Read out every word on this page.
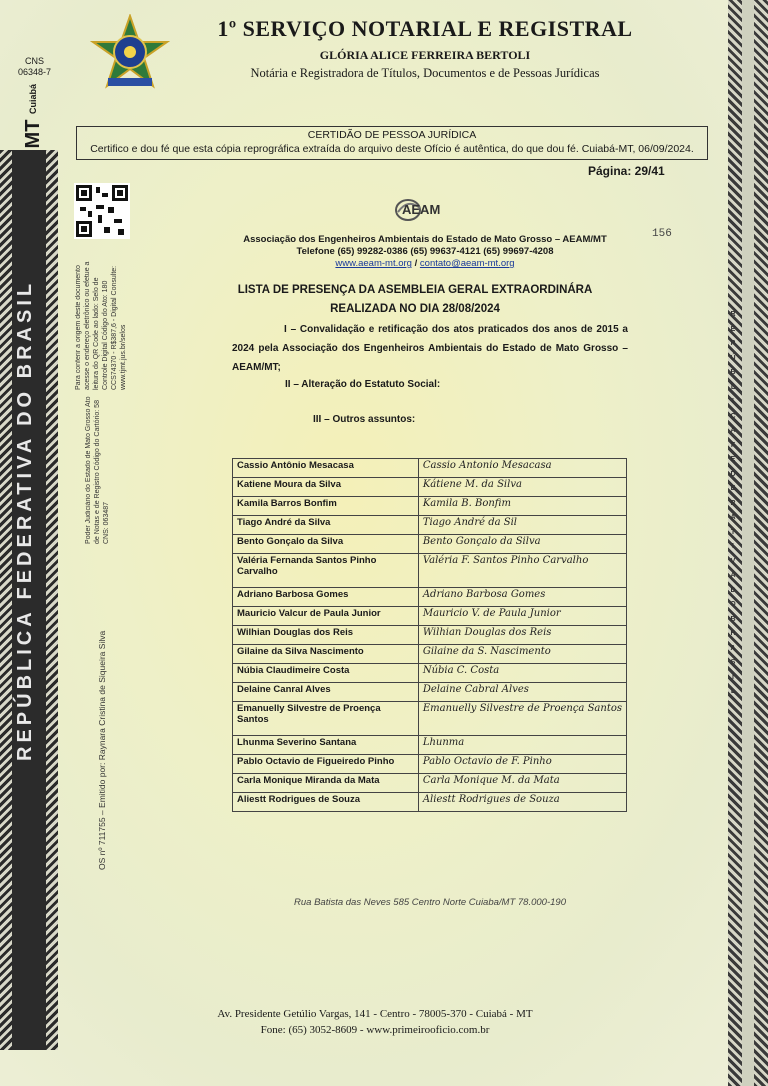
REPÚBLICA FEDERATIVA DO BRASIL	R
E
P
Ú
B
L
I
C
A
F
E
D
E
R
A
T
I
V
A
D
O
B
R
A
S
I
L
CNS
06348-7
MT Cuiabá
1º SERVIÇO NOTARIAL E REGISTRAL
GLÓRIA ALICE FERREIRA BERTOLI
Notária e Registradora de Títulos, Documentos e de Pessoas Jurídicas
CERTIDÃO DE PESSOA JURÍDICA
Certifico e dou fé que esta cópia reprográfica extraída do arquivo deste Ofício é autêntica, do que dou fé. Cuiabá-MT, 06/09/2024.
Página: 29/41
Para conferir a origem deste documento acesse o endereço eletrônico ou efetue a leitura do QR Code ao lado: Selo de Controle Digital Código do Ato: 180 CCS74370 - R$387,6 - Digital Consulte: www.tjmt.jus.br/selos
Poder Judiciário do Estado de Mato Grosso Ato de Notas e de Registro Código do Cartório: 58 CNS: 063487
OS nº 711755 – Emitido por: Raynara Cristina de Siqueira Silva
AEAM
156
Associação dos Engenheiros Ambientais do Estado de Mato Grosso – AEAM/MT
Telefone (65) 99282-0386 (65) 99637-4121 (65) 99697-4208
www.aeam-mt.org / contato@aeam-mt.org
LISTA DE PRESENÇA DA ASEMBLEIA GERAL EXTRAORDINÁRA
REALIZADA NO DIA 28/08/2024
I – Convalidação e retificação dos atos praticados dos anos de 2015 a 2024 pela Associação dos Engenheiros Ambientais do Estado de Mato Grosso – AEAM/MT;
II – Alteração do Estatuto Social:
III – Outros assuntos:
Cassio Antônio Mesacasa	Cassio Antonio Mesacasa
Katiene Moura da Silva	Kátiene M. da Silva
Kamila Barros Bonfim	Kamila B. Bonfim
Tiago André da Silva	Tiago André da Sil
Bento Gonçalo da Silva	Bento Gonçalo da Silva
Valéria Fernanda Santos Pinho Carvalho	Valéria F. Santos Pinho Carvalho
Adriano Barbosa Gomes	Adriano Barbosa Gomes
Mauricio Valcur de Paula Junior	Mauricio V. de Paula Junior
Wilhian Douglas dos Reis	Wilhian Douglas dos Reis
Gilaine da Silva Nascimento	Gilaine da S. Nascimento
Núbia Claudimeire Costa	Núbia C. Costa
Delaine Canral Alves	Delaine Cabral Alves
Emanuelly Silvestre de Proença Santos	Emanuelly Silvestre de Proença Santos
Lhunma Severino Santana	Lhunma
Pablo Octavio de Figueiredo Pinho	Pablo Octavio de F. Pinho
Carla Monique Miranda da Mata	Carla Monique M. da Mata
Aliestt Rodrigues de Souza	Aliestt Rodrigues de Souza
Rua Batista das Neves 585 Centro Norte Cuiaba/MT 78.000-190
Av. Presidente Getúlio Vargas, 141 - Centro - 78005-370 - Cuiabá - MT
Fone: (65) 3052-8609 - www.primeirooficio.com.br
